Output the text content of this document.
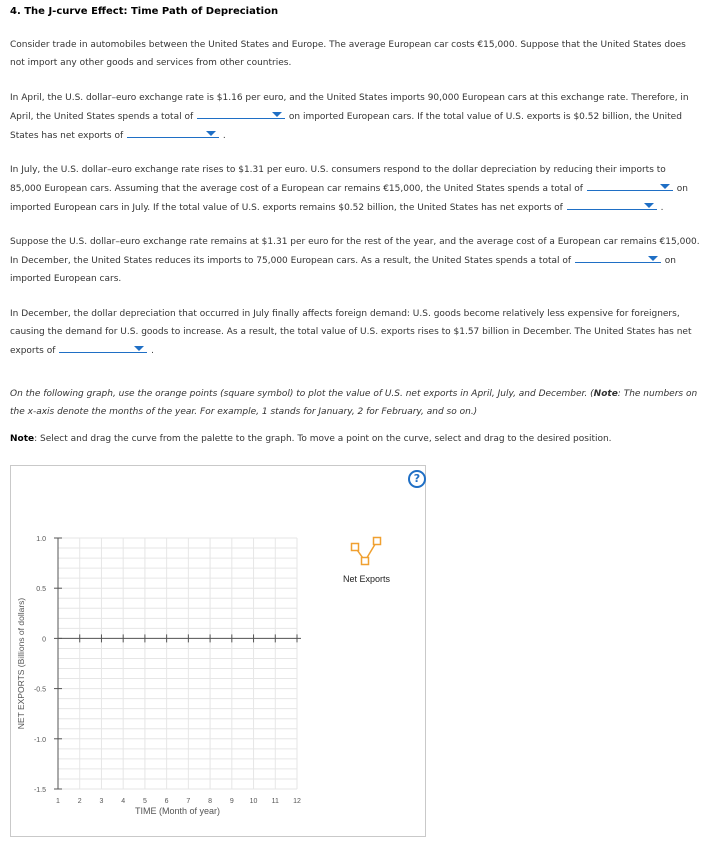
4. The J-curve Effect: Time Path of Depreciation
Consider trade in automobiles between the United States and Europe. The average European car costs €15,000. Suppose that the United States does not import any other goods and services from other countries.
In April, the U.S. dollar–euro exchange rate is $1.16 per euro, and the United States imports 90,000 European cars at this exchange rate. Therefore, in April, the United States spends a total of	on imported European cars. If the total value of U.S. exports is $0.52 billion, the United States has net exports of	.
In July, the U.S. dollar–euro exchange rate rises to $1.31 per euro. U.S. consumers respond to the dollar depreciation by reducing their imports to 85,000 European cars. Assuming that the average cost of a European car remains €15,000, the United States spends a total of	on imported European cars in July. If the total value of U.S. exports remains $0.52 billion, the United States has net exports of	.
Suppose the U.S. dollar–euro exchange rate remains at $1.31 per euro for the rest of the year, and the average cost of a European car remains €15,000. In December, the United States reduces its imports to 75,000 European cars. As a result, the United States spends a total of	on imported European cars.
In December, the dollar depreciation that occurred in July finally affects foreign demand: U.S. goods become relatively less expensive for foreigners, causing the demand for U.S. goods to increase. As a result, the total value of U.S. exports rises to $1.57 billion in December. The United States has net exports of	.
On the following graph, use the orange points (square symbol) to plot the value of U.S. net exports in April, July, and December. (Note: The numbers on the x-axis denote the months of the year. For example, 1 stands for January, 2 for February, and so on.)
Note: Select and drag the curve from the palette to the graph. To move a point on the curve, select and drag to the desired position.
?
1.0
0.5
0
-0.5
-1.0
-1.5
1	2	3	4	5	6	7	8	9 10 11 12
NET EXPORTS (Billions of dollars)
TIME (Month of year)
Net Exports
